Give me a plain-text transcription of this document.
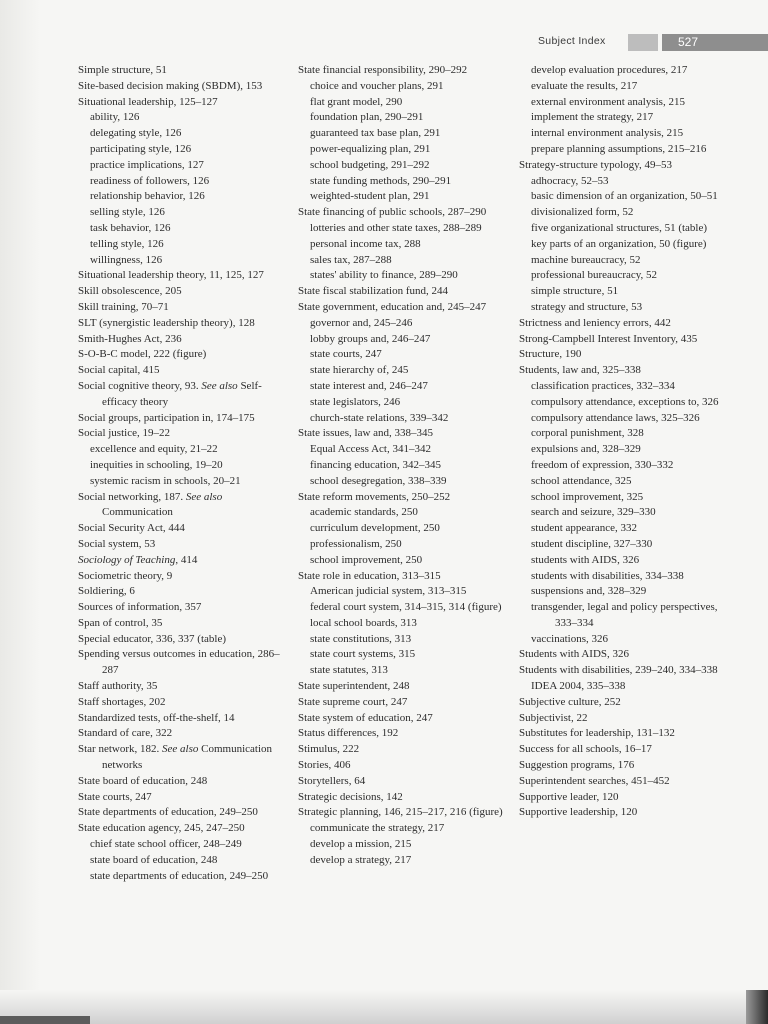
Subject Index	527

Simple structure, 51

Site-based decision making (SBDM), 153

Situational leadership, 125–127

ability, 126

delegating style, 126

participating style, 126

practice implications, 127

readiness of followers, 126

relationship behavior, 126

selling style, 126

task behavior, 126

telling style, 126

willingness, 126

Situational leadership theory, 11, 125, 127

Skill obsolescence, 205

Skill training, 70–71

SLT (synergistic leadership theory), 128

Smith-Hughes Act, 236

S-O-B-C model, 222 (figure)

Social capital, 415

Social cognitive theory, 93. See also Self-efficacy theory

Social groups, participation in, 174–175

Social justice, 19–22

excellence and equity, 21–22

inequities in schooling, 19–20

systemic racism in schools, 20–21

Social networking, 187. See also Communication

Social Security Act, 444

Social system, 53

Sociology of Teaching, 414

Sociometric theory, 9

Soldiering, 6

Sources of information, 357

Span of control, 35

Special educator, 336, 337 (table)

Spending versus outcomes in education, 286–287

Staff authority, 35

Staff shortages, 202

Standardized tests, off-the-shelf, 14

Standard of care, 322

Star network, 182. See also Communication networks

State board of education, 248

State courts, 247

State departments of education, 249–250

State education agency, 245, 247–250

chief state school officer, 248–249

state board of education, 248

state departments of education, 249–250

State financial responsibility, 290–292

choice and voucher plans, 291

flat grant model, 290

foundation plan, 290–291

guaranteed tax base plan, 291

power-equalizing plan, 291

school budgeting, 291–292

state funding methods, 290–291

weighted-student plan, 291

State financing of public schools, 287–290

lotteries and other state taxes, 288–289

personal income tax, 288

sales tax, 287–288

states' ability to finance, 289–290

State fiscal stabilization fund, 244

State government, education and, 245–247

governor and, 245–246

lobby groups and, 246–247

state courts, 247

state hierarchy of, 245

state interest and, 246–247

state legislators, 246

church-state relations, 339–342

State issues, law and, 338–345

Equal Access Act, 341–342

financing education, 342–345

school desegregation, 338–339

State reform movements, 250–252

academic standards, 250

curriculum development, 250

professionalism, 250

school improvement, 250

State role in education, 313–315

American judicial system, 313–315

federal court system, 314–315, 314 (figure)

local school boards, 313

state constitutions, 313

state court systems, 315

state statutes, 313

State superintendent, 248

State supreme court, 247

State system of education, 247

Status differences, 192

Stimulus, 222

Stories, 406

Storytellers, 64

Strategic decisions, 142

Strategic planning, 146, 215–217, 216 (figure)

communicate the strategy, 217

develop a mission, 215

develop a strategy, 217

develop evaluation procedures, 217

evaluate the results, 217

external environment analysis, 215

implement the strategy, 217

internal environment analysis, 215

prepare planning assumptions, 215–216

Strategy-structure typology, 49–53

adhocracy, 52–53

basic dimension of an organization, 50–51

divisionalized form, 52

five organizational structures, 51 (table)

key parts of an organization, 50 (figure)

machine bureaucracy, 52

professional bureaucracy, 52

simple structure, 51

strategy and structure, 53

Strictness and leniency errors, 442

Strong-Campbell Interest Inventory, 435

Structure, 190

Students, law and, 325–338

classification practices, 332–334

compulsory attendance, exceptions to, 326

compulsory attendance laws, 325–326

corporal punishment, 328

expulsions and, 328–329

freedom of expression, 330–332

school attendance, 325

school improvement, 325

search and seizure, 329–330

student appearance, 332

student discipline, 327–330

students with AIDS, 326

students with disabilities, 334–338

suspensions and, 328–329

transgender, legal and policy perspectives, 333–334

vaccinations, 326

Students with AIDS, 326

Students with disabilities, 239–240, 334–338

IDEA 2004, 335–338

Subjective culture, 252

Subjectivist, 22

Substitutes for leadership, 131–132

Success for all schools, 16–17

Suggestion programs, 176

Superintendent searches, 451–452

Supportive leader, 120

Supportive leadership, 120
